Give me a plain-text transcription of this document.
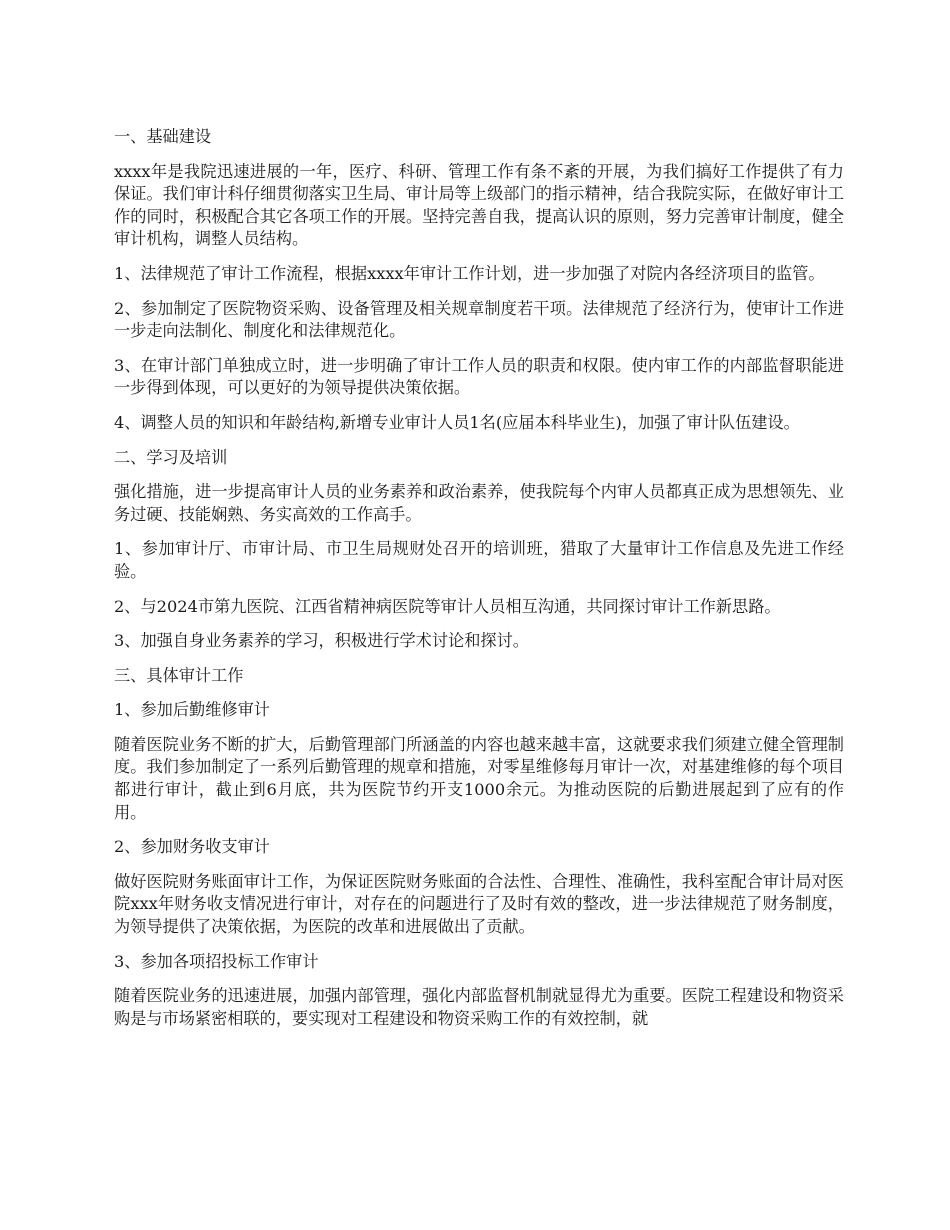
一、基础建设

xxxx年是我院迅速进展的一年，医疗、科研、管理工作有条不紊的开展，为我们搞好工作提供了有力保证。我们审计科仔细贯彻落实卫生局、审计局等上级部门的指示精神，结合我院实际，在做好审计工作的同时，积极配合其它各项工作的开展。坚持完善自我，提高认识的原则，努力完善审计制度，健全审计机构，调整人员结构。

1、法律规范了审计工作流程，根据xxxx年审计工作计划，进一步加强了对院内各经济项目的监管。

2、参加制定了医院物资采购、设备管理及相关规章制度若干项。法律规范了经济行为，使审计工作进一步走向法制化、制度化和法律规范化。

3、在审计部门单独成立时，进一步明确了审计工作人员的职责和权限。使内审工作的内部监督职能进一步得到体现，可以更好的为领导提供决策依据。

4、调整人员的知识和年龄结构,新增专业审计人员1名(应届本科毕业生)，加强了审计队伍建设。

二、学习及培训

强化措施，进一步提高审计人员的业务素养和政治素养，使我院每个内审人员都真正成为思想领先、业务过硬、技能娴熟、务实高效的工作高手。

1、参加审计厅、市审计局、市卫生局规财处召开的培训班，猎取了大量审计工作信息及先进工作经验。

2、与2024市第九医院、江西省精神病医院等审计人员相互沟通，共同探讨审计工作新思路。

3、加强自身业务素养的学习，积极进行学术讨论和探讨。

三、具体审计工作

1、参加后勤维修审计

随着医院业务不断的扩大，后勤管理部门所涵盖的内容也越来越丰富，这就要求我们须建立健全管理制度。我们参加制定了一系列后勤管理的规章和措施，对零星维修每月审计一次，对基建维修的每个项目都进行审计，截止到6月底，共为医院节约开支1000余元。为推动医院的后勤进展起到了应有的作用。

2、参加财务收支审计

做好医院财务账面审计工作，为保证医院财务账面的合法性、合理性、准确性，我科室配合审计局对医院xxx年财务收支情况进行审计，对存在的问题进行了及时有效的整改，进一步法律规范了财务制度，为领导提供了决策依据，为医院的改革和进展做出了贡献。

3、参加各项招投标工作审计

随着医院业务的迅速进展，加强内部管理，强化内部监督机制就显得尤为重要。医院工程建设和物资采购是与市场紧密相联的，要实现对工程建设和物资采购工作的有效控制，就
